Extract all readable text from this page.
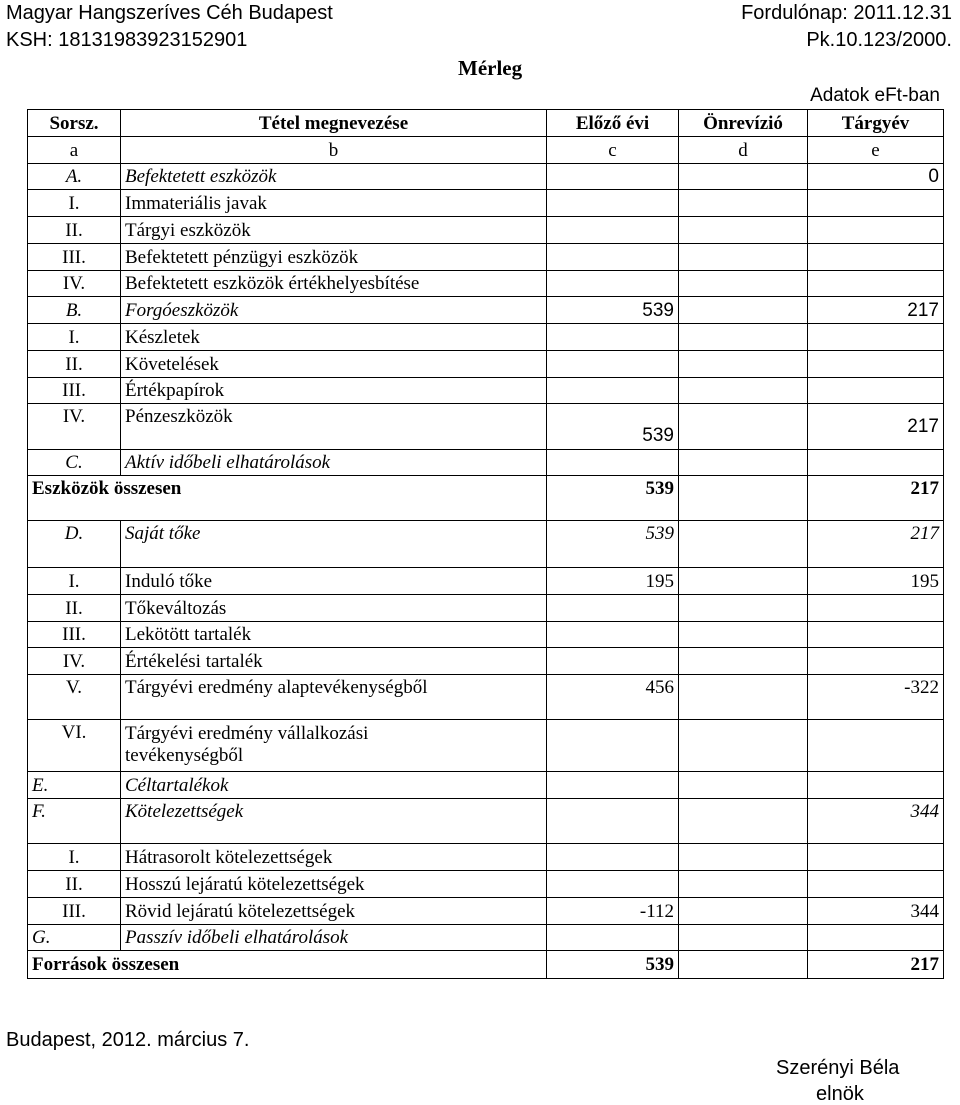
Magyar Hangszeríves Céh Budapest
KSH: 18131983923152901
Fordulónap: 2011.12.31
Pk.10.123/2000.
Mérleg
Adatok eFt-ban
Sorsz.	Tétel megnevezése	Előző évi	Önrevízió	Tárgyév
a	b	c	d	e
A.	Befektetett eszközök			0
I.	Immateriális javak			
II.	Tárgyi eszközök			
III.	Befektetett pénzügyi eszközök			
IV.	Befektetett eszközök értékhelyesbítése			
B.	Forgóeszközök	539		217
I.	Készletek			
II.	Követelések			
III.	Értékpapírok			
IV.	Pénzeszközök	539		217
C.	Aktív időbeli elhatárolások			
Eszközök összesen		539		217
D.	Saját tőke	539		217
I.	Induló tőke	195		195
II.	Tőkeváltozás			
III.	Lekötött tartalék			
IV.	Értékelési tartalék			
V.	Tárgyévi eredmény alaptevékenységből	456		-322
VI.	Tárgyévi eredmény vállalkozási tevékenységből			
E.	Céltartalékok			
F.	Kötelezettségek			344
I.	Hátrasorolt kötelezettségek			
II.	Hosszú lejáratú kötelezettségek			
III.	Rövid lejáratú kötelezettségek	-112		344
G.	Passzív időbeli elhatárolások			
Források összesen		539		217
Budapest, 2012. március 7.
Szerényi Béla
elnök
